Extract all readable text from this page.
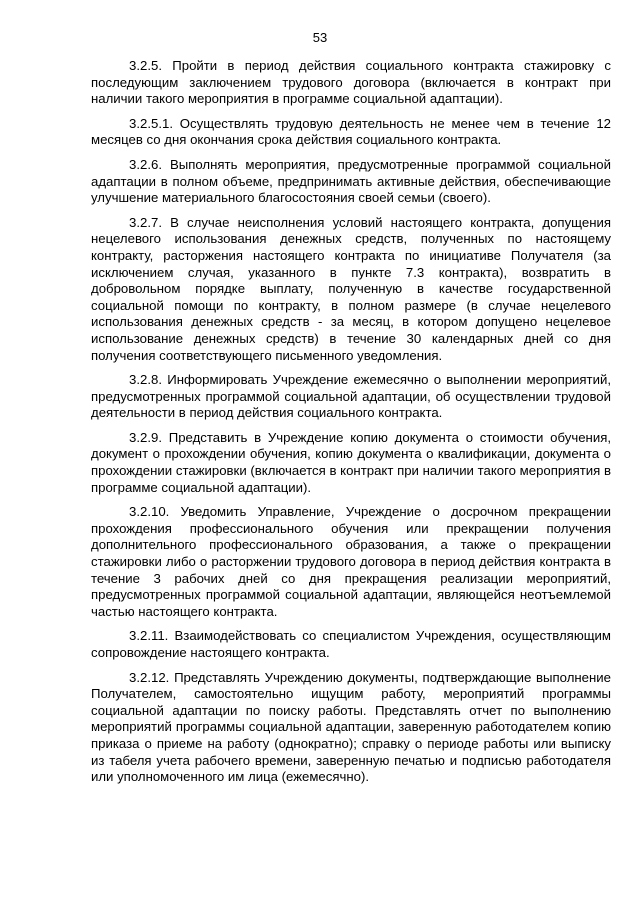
53

3.2.5. Пройти в период действия социального контракта стажировку с последующим заключением трудового договора (включается в контракт при наличии такого мероприятия в программе социальной адаптации).

3.2.5.1. Осуществлять трудовую деятельность не менее чем в течение 12 месяцев со дня окончания срока действия социального контракта.

3.2.6. Выполнять мероприятия, предусмотренные программой социальной адаптации в полном объеме, предпринимать активные действия, обеспечивающие улучшение материального благосостояния своей семьи (своего).

3.2.7. В случае неисполнения условий настоящего контракта, допущения нецелевого использования денежных средств, полученных по настоящему контракту, расторжения настоящего контракта по инициативе Получателя (за исключением случая, указанного в пункте 7.3 контракта), возвратить в добровольном порядке выплату, полученную в качестве государственной социальной помощи по контракту, в полном размере (в случае нецелевого использования денежных средств - за месяц, в котором допущено нецелевое использование денежных средств) в течение 30 календарных дней со дня получения соответствующего письменного уведомления.

3.2.8. Информировать Учреждение ежемесячно о выполнении мероприятий, предусмотренных программой социальной адаптации, об осуществлении трудовой деятельности в период действия социального контракта.

3.2.9. Представить в Учреждение копию документа о стоимости обучения, документ о прохождении обучения, копию документа о квалификации, документа о прохождении стажировки (включается в контракт при наличии такого мероприятия в программе социальной адаптации).

3.2.10. Уведомить Управление, Учреждение о досрочном прекращении прохождения профессионального обучения или прекращении получения дополнительного профессионального образования, а также о прекращении стажировки либо о расторжении трудового договора в период действия контракта в течение 3 рабочих дней со дня прекращения реализации мероприятий, предусмотренных программой социальной адаптации, являющейся неотъемлемой частью настоящего контракта.

3.2.11. Взаимодействовать со специалистом Учреждения, осуществляющим сопровождение настоящего контракта.

3.2.12. Представлять Учреждению документы, подтверждающие выполнение Получателем, самостоятельно ищущим работу, мероприятий программы социальной адаптации по поиску работы. Представлять отчет по выполнению мероприятий программы социальной адаптации, заверенную работодателем копию приказа о приеме на работу (однократно); справку о периоде работы или выписку из табеля учета рабочего времени, заверенную печатью и подписью работодателя или уполномоченного им лица (ежемесячно).
